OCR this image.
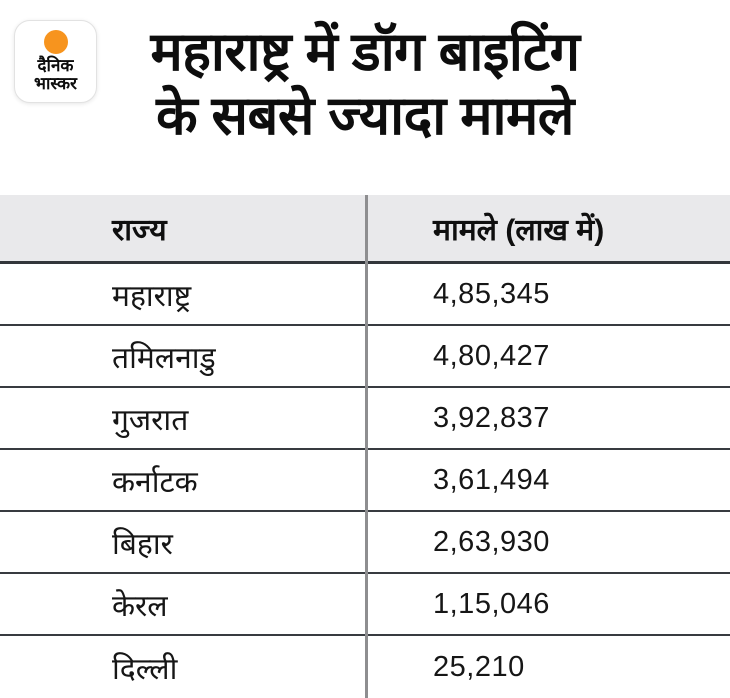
महाराष्ट्र में डॉग बाइटिंग
के सबसे ज्यादा मामले
दैनिक
भास्कर
राज्य	मामले (लाख में)
महाराष्ट्र	4,85,345
तमिलनाडु	4,80,427
गुजरात	3,92,837
कर्नाटक	3,61,494
बिहार	2,63,930
केरल	1,15,046
दिल्ली	25,210
